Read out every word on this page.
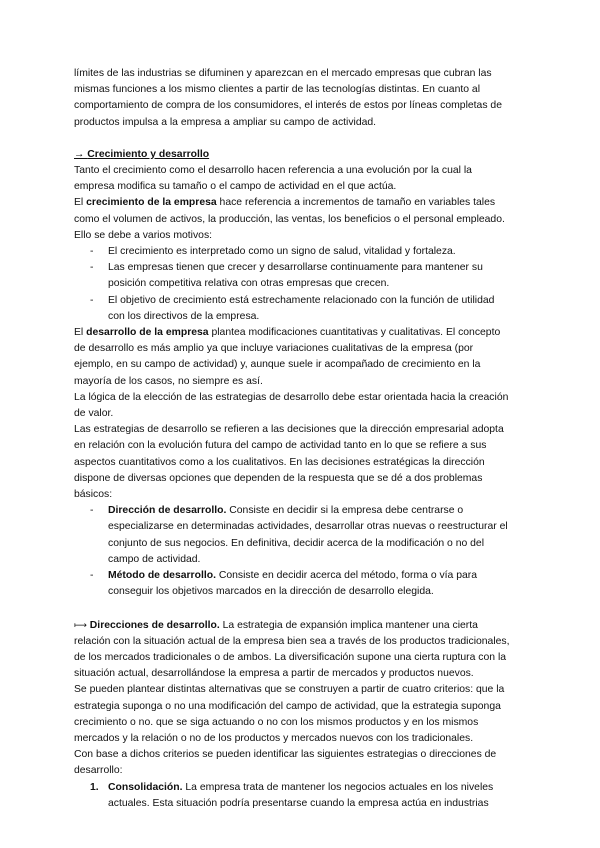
límites de las industrias se difuminen y aparezcan en el mercado empresas que cubran las mismas funciones a los mismo clientes a partir de las tecnologías distintas. En cuanto al comportamiento de compra de los consumidores, el interés de estos por líneas completas de productos impulsa a la empresa a ampliar su campo de actividad.

→ Crecimiento y desarrollo

Tanto el crecimiento como el desarrollo hacen referencia a una evolución por la cual la empresa modifica su tamaño o el campo de actividad en el que actúa.

El crecimiento de la empresa hace referencia a incrementos de tamaño en variables tales como el volumen de activos, la producción, las ventas, los beneficios o el personal empleado. Ello se debe a varios motivos:

- El crecimiento es interpretado como un signo de salud, vitalidad y fortaleza.
- Las empresas tienen que crecer y desarrollarse continuamente para mantener su posición competitiva relativa con otras empresas que crecen.
- El objetivo de crecimiento está estrechamente relacionado con la función de utilidad con los directivos de la empresa.

El desarrollo de la empresa plantea modificaciones cuantitativas y cualitativas. El concepto de desarrollo es más amplio ya que incluye variaciones cualitativas de la empresa (por ejemplo, en su campo de actividad) y, aunque suele ir acompañado de crecimiento en la mayoría de los casos, no siempre es así.

La lógica de la elección de las estrategias de desarrollo debe estar orientada hacia la creación de valor.

Las estrategias de desarrollo se refieren a las decisiones que la dirección empresarial adopta en relación con la evolución futura del campo de actividad tanto en lo que se refiere a sus aspectos cuantitativos como a los cualitativos. En las decisiones estratégicas la dirección dispone de diversas opciones que dependen de la respuesta que se dé a dos problemas básicos:

- Dirección de desarrollo. Consiste en decidir si la empresa debe centrarse o especializarse en determinadas actividades, desarrollar otras nuevas o reestructurar el conjunto de sus negocios. En definitiva, decidir acerca de la modificación o no del campo de actividad.
- Método de desarrollo. Consiste en decidir acerca del método, forma o vía para conseguir los objetivos marcados en la dirección de desarrollo elegida.

⟼ Direcciones de desarrollo. La estrategia de expansión implica mantener una cierta relación con la situación actual de la empresa bien sea a través de los productos tradicionales, de los mercados tradicionales o de ambos. La diversificación supone una cierta ruptura con la situación actual, desarrollándose la empresa a partir de mercados y productos nuevos.

Se pueden plantear distintas alternativas que se construyen a partir de cuatro criterios: que la estrategia suponga o no una modificación del campo de actividad, que la estrategia suponga crecimiento o no. que se siga actuando o no con los mismos productos y en los mismos mercados y la relación o no de los productos y mercados nuevos con los tradicionales.

Con base a dichos criterios se pueden identificar las siguientes estrategias o direcciones de desarrollo:

1. Consolidación. La empresa trata de mantener los negocios actuales en los niveles actuales. Esta situación podría presentarse cuando la empresa actúa en industrias
